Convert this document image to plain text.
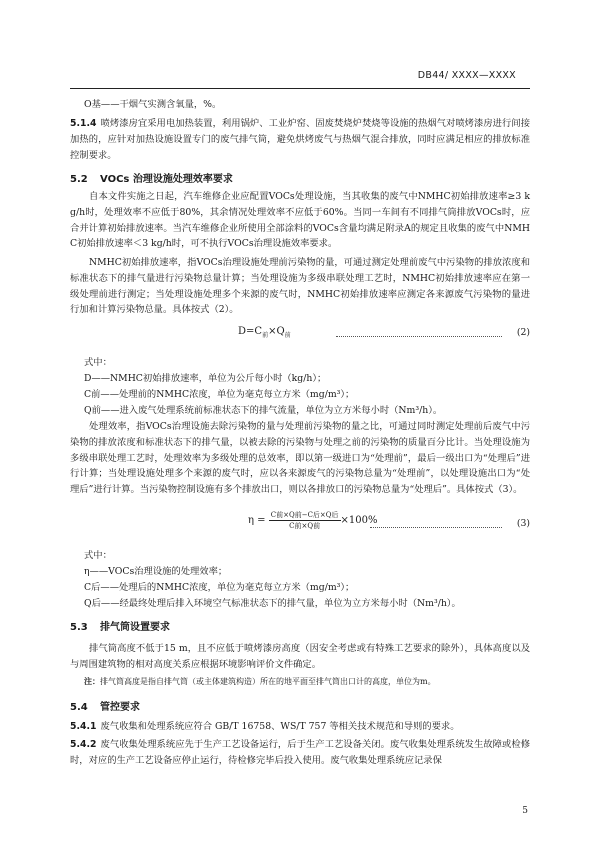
DB44/ XXXX—XXXX
O基——干烟气实测含氧量，%。
5.1.4 喷烤漆房宜采用电加热装置，利用锅炉、工业炉窑、固废焚烧炉焚烧等设施的热烟气对喷烤漆房进行间接加热的，应针对加热设施设置专门的废气排气筒，避免烘烤废气与热烟气混合排放，同时应满足相应的排放标准控制要求。
5.2 VOCs 治理设施处理效率要求
自本文件实施之日起，汽车维修企业应配置VOCs处理设施，当其收集的废气中NMHC初始排放速率≥3 kg/h时，处理效率不应低于80%，其余情况处理效率不应低于60%。当同一车间有不同排气筒排放VOCs时，应合并计算初始排放速率。当汽车维修企业所使用全部涂料的VOCs含量均满足附录A的规定且收集的废气中NMHC初始排放速率＜3 kg/h时，可不执行VOCs治理设施效率要求。
NMHC初始排放速率，指VOCs治理设施处理前污染物的量，可通过测定处理前废气中污染物的排放浓度和标准状态下的排气量进行污染物总量计算；当处理设施为多级串联处理工艺时，NMHC初始排放速率应在第一级处理前进行测定；当处理设施处理多个来源的废气时，NMHC初始排放速率应测定各来源废气污染物的量进行加和计算污染物总量。具体按式（2）。
$D=C_前\times Q_前$	(2)
式中：
D——NMHC初始排放速率，单位为公斤每小时（kg/h）；
C前——处理前的NMHC浓度，单位为毫克每立方米（mg/m³）；
Q前——进入废气处理系统前标准状态下的排气流量，单位为立方米每小时（Nm³/h）。
处理效率，指VOCs治理设施去除污染物的量与处理前污染物的量之比，可通过同时测定处理前后废气中污染物的排放浓度和标准状态下的排气量，以被去除的污染物与处理之前的污染物的质量百分比计。当处理设施为多级串联处理工艺时，处理效率为多级处理的总效率，即以第一级进口为“处理前”，最后一级出口为“处理后”进行计算；当处理设施处理多个来源的废气时，应以各来源废气的污染物总量为“处理前”，以处理设施出口为“处理后”进行计算。当污染物控制设施有多个排放出口，则以各排放口的污染物总量为“处理后”。具体按式（3）。
$\eta = \frac{\text{C前×Q前−C后×Q后}}{\text{C前×Q前}} \times 100\%$	(3)
式中：
η——VOCs治理设施的处理效率；
C后——处理后的NMHC浓度，单位为毫克每立方米（mg/m³）；
Q后——经最终处理后排入环境空气标准状态下的排气量，单位为立方米每小时（Nm³/h）。
5.3 排气筒设置要求
排气筒高度不低于15 m，且不应低于喷烤漆房高度（因安全考虑或有特殊工艺要求的除外），具体高度以及与周围建筑物的相对高度关系应根据环境影响评价文件确定。
注：排气筒高度是指自排气筒（或主体建筑构造）所在的地平面至排气筒出口计的高度，单位为m。
5.4 管控要求
5.4.1 废气收集和处理系统应符合 GB/T 16758、WS/T 757 等相关技术规范和导则的要求。
5.4.2 废气收集处理系统应先于生产工艺设备运行，后于生产工艺设备关闭。废气收集处理系统发生故障或检修时，对应的生产工艺设备应停止运行，待检修完毕后投入使用。废气收集处理系统应记录保
5
